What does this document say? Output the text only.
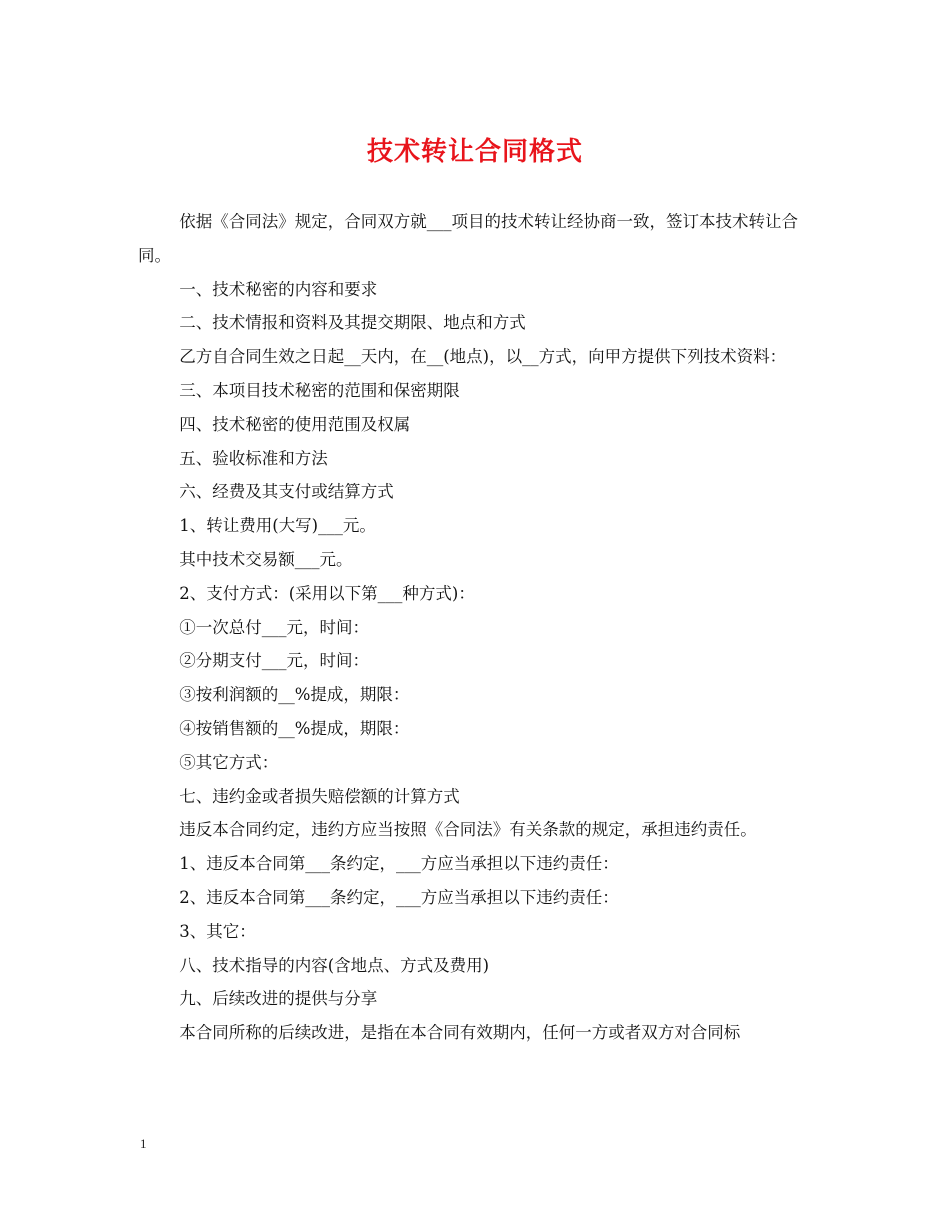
技术转让合同格式

依据《合同法》规定，合同双方就___项目的技术转让经协商一致，签订本技术转让合同。

一、技术秘密的内容和要求

二、技术情报和资料及其提交期限、地点和方式

乙方自合同生效之日起__天内，在__(地点)，以__方式，向甲方提供下列技术资料：

三、本项目技术秘密的范围和保密期限

四、技术秘密的使用范围及权属

五、验收标准和方法

六、经费及其支付或结算方式

1、转让费用(大写)___元。

其中技术交易额___元。

2、支付方式：(采用以下第___种方式)：

①一次总付___元，时间：

②分期支付___元，时间：

③按利润额的__%提成，期限：

④按销售额的__%提成，期限：

⑤其它方式：

七、违约金或者损失赔偿额的计算方式

违反本合同约定，违约方应当按照《合同法》有关条款的规定，承担违约责任。

1、违反本合同第___条约定，___方应当承担以下违约责任：

2、违反本合同第___条约定，___方应当承担以下违约责任：

3、其它：

八、技术指导的内容(含地点、方式及费用)

九、后续改进的提供与分享

本合同所称的后续改进，是指在本合同有效期内，任何一方或者双方对合同标

1
